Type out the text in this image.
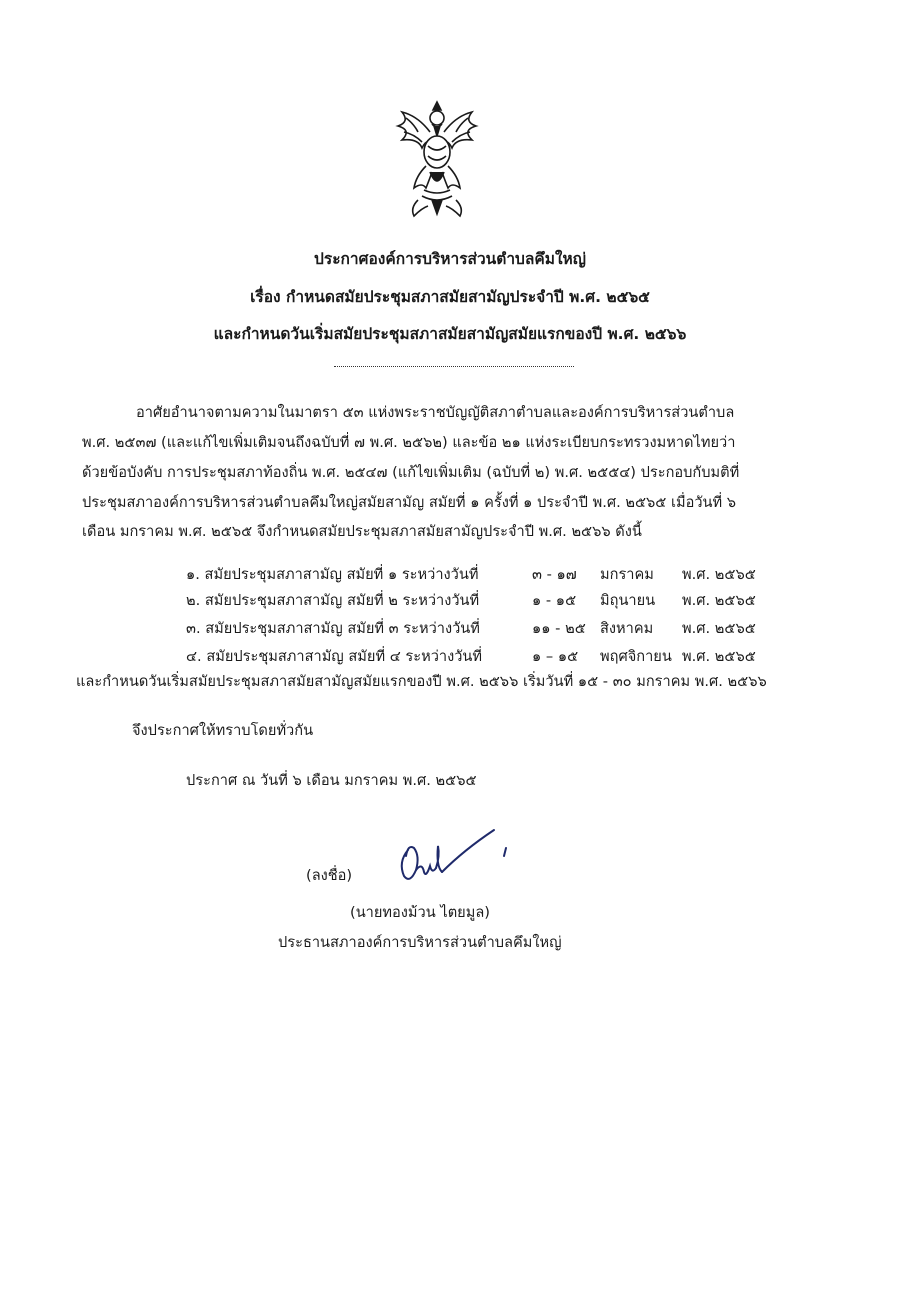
ประกาศองค์การบริหารส่วนตำบลคึมใหญ่
เรื่อง กำหนดสมัยประชุมสภาสมัยสามัญประจำปี พ.ศ. ๒๕๖๕
และกำหนดวันเริ่มสมัยประชุมสภาสมัยสามัญสมัยแรกของปี พ.ศ. ๒๕๖๖
อาศัยอำนาจตามความในมาตรา ๕๓ แห่งพระราชบัญญัติสภาตำบลและองค์การบริหารส่วนตำบล
พ.ศ. ๒๕๓๗ (และแก้ไขเพิ่มเติมจนถึงฉบับที่ ๗ พ.ศ. ๒๕๖๒) และข้อ ๒๑ แห่งระเบียบกระทรวงมหาดไทยว่า
ด้วยข้อบังคับ การประชุมสภาท้องถิ่น พ.ศ. ๒๕๔๗ (แก้ไขเพิ่มเติม (ฉบับที่ ๒) พ.ศ. ๒๕๕๔) ประกอบกับมติที่
ประชุมสภาองค์การบริหารส่วนตำบลคึมใหญ่สมัยสามัญ สมัยที่ ๑ ครั้งที่ ๑ ประจำปี พ.ศ. ๒๕๖๕ เมื่อวันที่ ๖
เดือน มกราคม พ.ศ. ๒๕๖๕ จึงกำหนดสมัยประชุมสภาสมัยสามัญประจำปี พ.ศ. ๒๕๖๖ ดังนี้
๑. สมัยประชุมสภาสามัญ สมัยที่ ๑ ระหว่างวันที่	๓ - ๑๗ มกราคม พ.ศ. ๒๕๖๕
๒. สมัยประชุมสภาสามัญ สมัยที่ ๒ ระหว่างวันที่	๑ - ๑๕ มิถุนายน พ.ศ. ๒๕๖๕
๓. สมัยประชุมสภาสามัญ สมัยที่ ๓ ระหว่างวันที่	๑๑ - ๒๕ สิงหาคม พ.ศ. ๒๕๖๕
๔. สมัยประชุมสภาสามัญ สมัยที่ ๔ ระหว่างวันที่	๑ – ๑๕ พฤศจิกายน พ.ศ. ๒๕๖๕
และกำหนดวันเริ่มสมัยประชุมสภาสมัยสามัญสมัยแรกของปี พ.ศ. ๒๕๖๖ เริ่มวันที่ ๑๕ - ๓๐ มกราคม พ.ศ. ๒๕๖๖
จึงประกาศให้ทราบโดยทั่วกัน
ประกาศ ณ วันที่ ๖ เดือน มกราคม พ.ศ. ๒๕๖๕
(ลงชื่อ)
(นายทองม้วน ไตยมูล)
ประธานสภาองค์การบริหารส่วนตำบลคึมใหญ่
